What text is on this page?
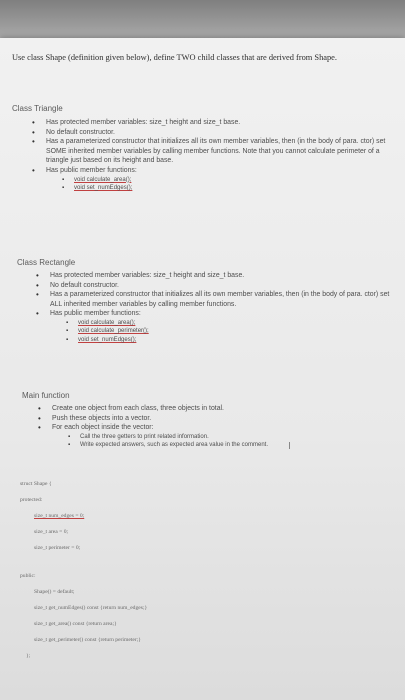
Use class Shape (definition given below), define TWO child classes that are derived from Shape.
Class Triangle
• Has protected member variables: size_t height and size_t base.
• No default constructor.
• Has a parameterized constructor that initializes all its own member variables, then (in the body of para. ctor) set SOME inherited member variables by calling member functions. Note that you cannot calculate perimeter of a triangle just based on its height and base.
• Has public member functions:
▪ void calculate_area();
▪ void set_numEdges();
Class Rectangle
• Has protected member variables: size_t height and size_t base.
• No default constructor.
• Has a parameterized constructor that initializes all its own member variables, then (in the body of para. ctor) set ALL inherited member variables by calling member functions.
• Has public member functions:
▪ void calculate_area();
▪ void calculate_perimeter();
▪ void set_numEdges();
Main function
• Create one object from each class, three objects in total.
• Push these objects into a vector.
• For each object inside the vector:
▪ Call the three getters to print related information.
▪ Write expected answers, such as expected area value in the comment.
struct Shape {
protected:
size_t num_edges = 0;
size_t area = 0;
size_t perimeter = 0;
public:
Shape() = default;
size_t get_numEdges() const {return num_edges;}
size_t get_area() const {return area;}
size_t get_perimeter() const {return perimeter;}
};
